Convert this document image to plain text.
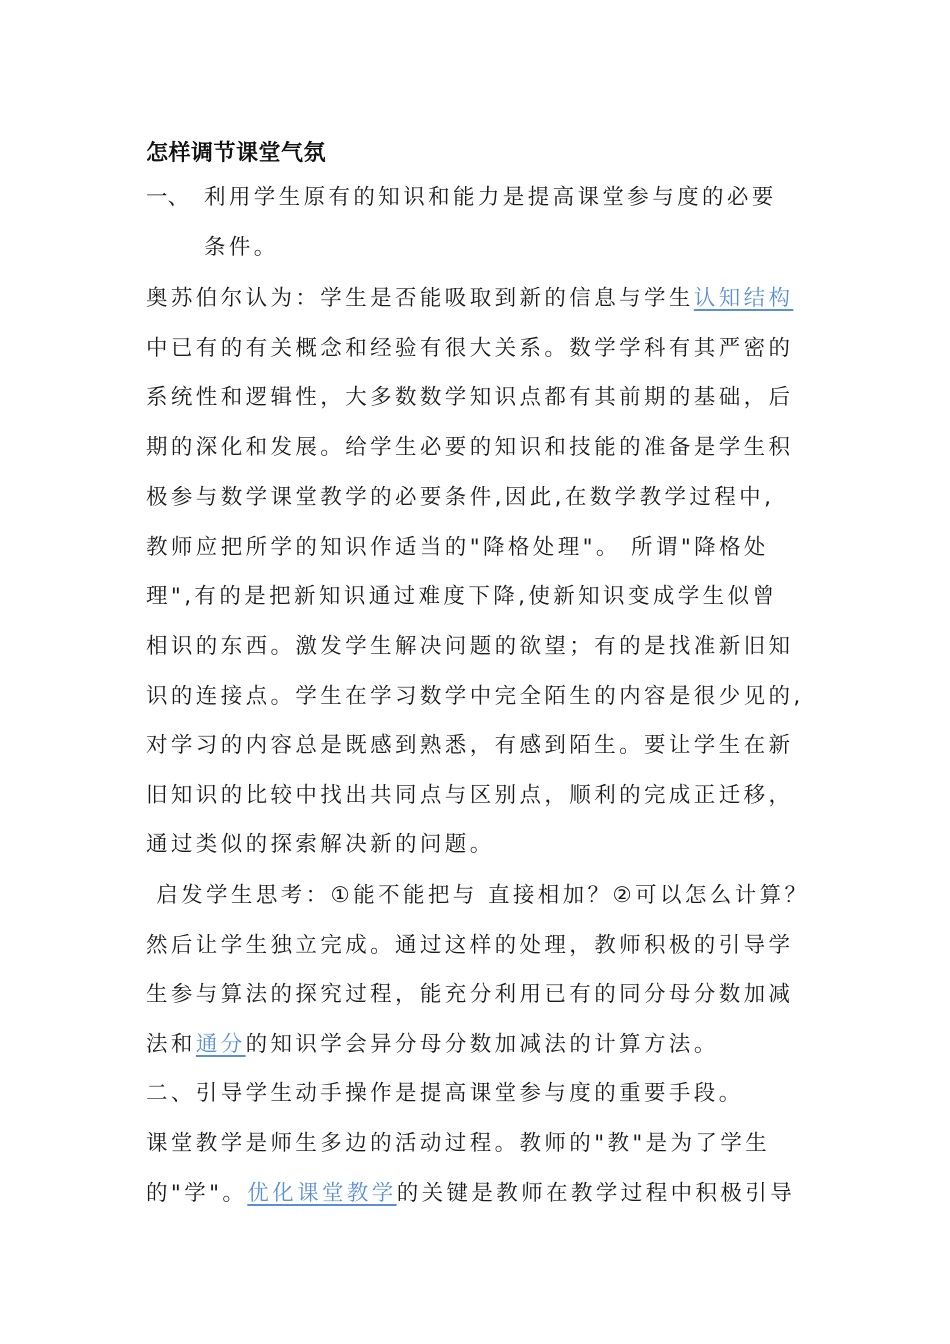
怎样调节课堂气氛
一、 利用学生原有的知识和能力是提高课堂参与度的必要
条件。
奥苏伯尔认为：学生是否能吸取到新的信息与学生认知结构
中已有的有关概念和经验有很大关系。数学学科有其严密的
系统性和逻辑性，大多数数学知识点都有其前期的基础，后
期的深化和发展。给学生必要的知识和技能的准备是学生积
极参与数学课堂教学的必要条件,因此,在数学教学过程中,
教师应把所学的知识作适当的"降格处理"。 所谓"降格处
理",有的是把新知识通过难度下降,使新知识变成学生似曾
相识的东西。激发学生解决问题的欲望；有的是找准新旧知
识的连接点。学生在学习数学中完全陌生的内容是很少见的,
对学习的内容总是既感到熟悉，有感到陌生。要让学生在新
旧知识的比较中找出共同点与区别点，顺利的完成正迁移，
通过类似的探索解决新的问题。
启发学生思考：①能不能把与 直接相加？②可以怎么计算？
然后让学生独立完成。通过这样的处理，教师积极的引导学
生参与算法的探究过程，能充分利用已有的同分母分数加减
法和通分的知识学会异分母分数加减法的计算方法。
二、引导学生动手操作是提高课堂参与度的重要手段。
课堂教学是师生多边的活动过程。教师的"教"是为了学生
的"学"。优化课堂教学的关键是教师在教学过程中积极引导
